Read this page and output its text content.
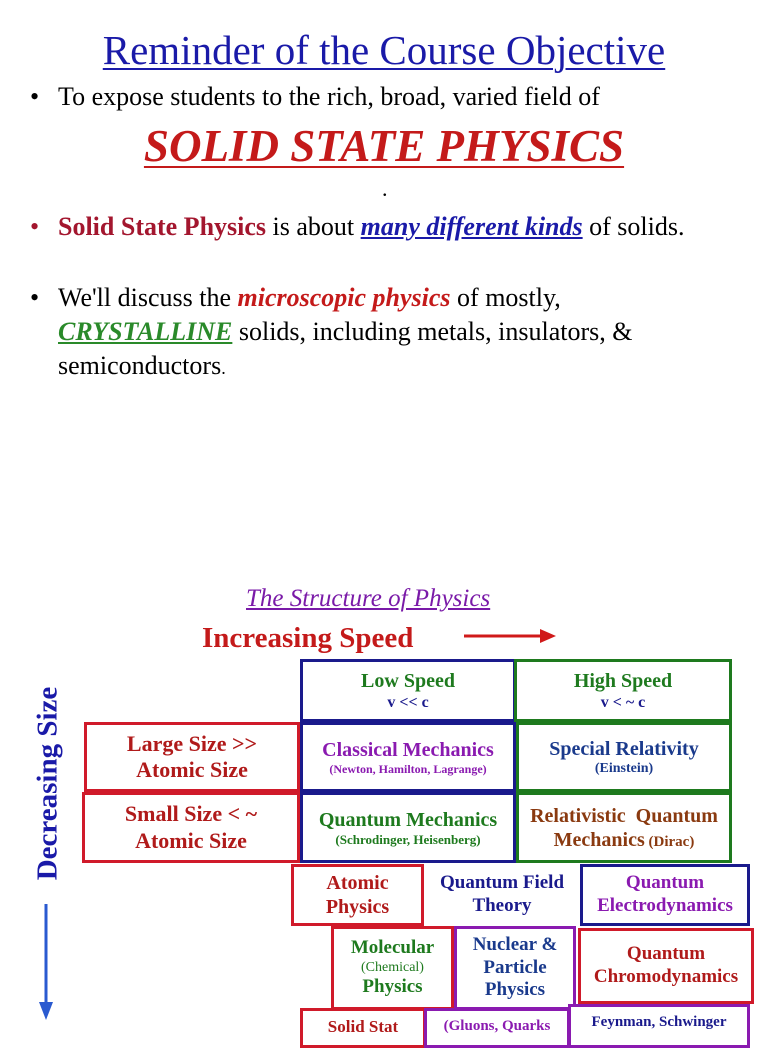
Reminder of the Course Objective
• To expose students to the rich, broad, varied field of
SOLID STATE PHYSICS
.
• Solid State Physics is about many different kinds of solids.
• We'll discuss the microscopic physics of mostly, CRYSTALLINE solids, including metals, insulators, & semiconductors.
The Structure of Physics
Increasing Speed
Decreasing Size
Low Speed
v << c
High Speed
v < ~ c
Large Size >>
Atomic Size
Small Size < ~
Atomic Size
Classical Mechanics
(Newton, Hamilton, Lagrange)
Special Relativity
(Einstein)
Quantum Mechanics
(Schrodinger, Heisenberg)
Relativistic  Quantum
Mechanics (Dirac)
Atomic
Physics
Quantum Field
Theory
Quantum
Electrodynamics
Molecular
(Chemical)
Physics
Nuclear &
Particle
Physics
Quantum
Chromodynamics
Solid Stat	(Gluons, Quarks	Feynman, Schwinger
